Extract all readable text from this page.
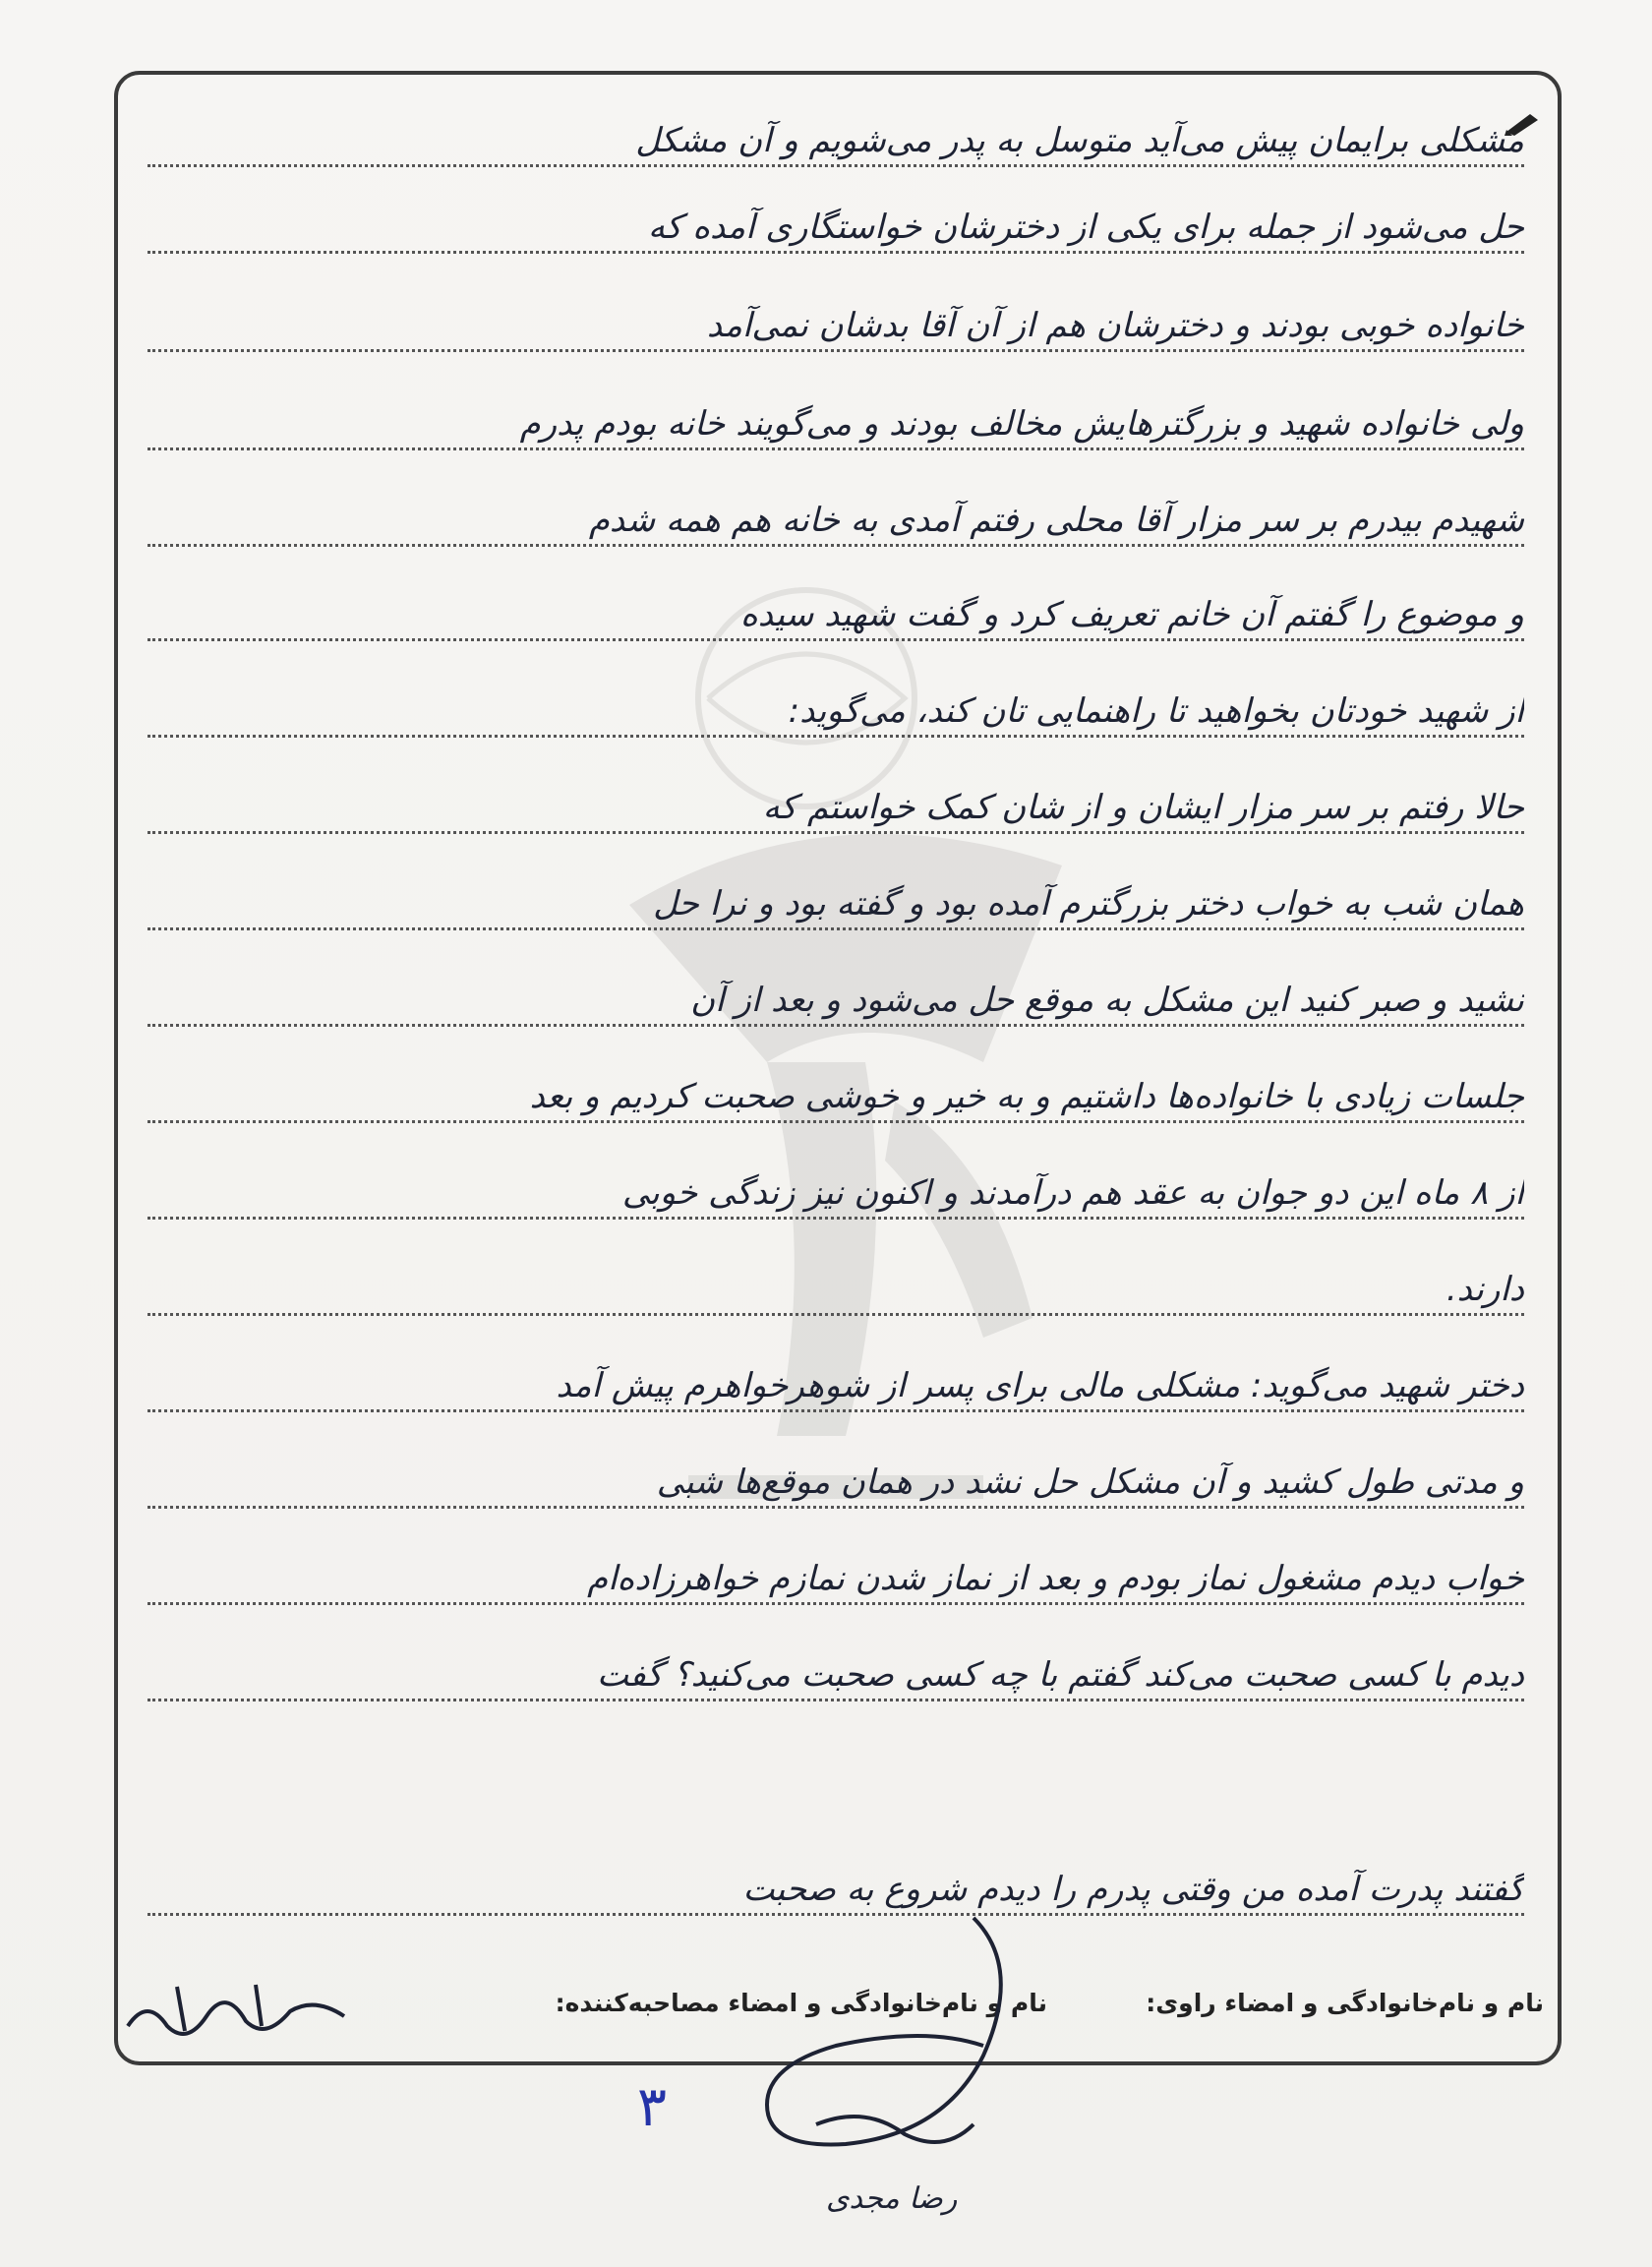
مشکلی برایمان پیش می‌آید متوسل به پدر می‌شویم و آن مشکل
حل می‌شود از جمله برای یکی از دخترشان خواستگاری آمده که
خانواده خوبی بودند و دخترشان هم از آن آقا بدشان نمی‌آمد
ولی خانواده شهید و بزرگترهایش مخالف بودند و می‌گویند خانه بودم پدرم
شهیدم بیدرم بر سر مزار آقا محلی رفتم آمدی به خانه هم همه شدم
و موضوع را گفتم آن خانم تعریف کرد و گفت شهید سیده
از شهید خودتان بخواهید تا راهنمایی تان کند، می‌گوید:
حالا رفتم بر سر مزار ایشان و از شان کمک خواستم که
همان شب به خواب دختر بزرگترم آمده بود و گفته بود و نرا حل
نشید و صبر کنید این مشکل به موقع حل می‌شود و بعد از آن
جلسات زیادی با خانواده‌ها داشتیم و به خیر و خوشی صحبت کردیم و بعد
از ۸ ماه این دو جوان به عقد هم درآمدند و اکنون نیز زندگی خوبی
دارند.
دختر شهید می‌گوید: مشکلی مالی برای پسر از شوهرخواهرم پیش آمد
و مدتی طول کشید و آن مشکل حل نشد در همان موقع‌ها شبی
خواب دیدم مشغول نماز بودم و بعد از نماز شدن نمازم خواهرزاده‌ام
دیدم با کسی صحبت می‌کند گفتم با چه کسی صحبت می‌کنید؟ گفت
گفتند پدرت آمده من وقتی پدرم را دیدم شروع به صحبت
نام و نام‌خانوادگی و امضاء راوی:
نام و نام‌خانوادگی و امضاء مصاحبه‌کننده:
۳
رضا مجدی
